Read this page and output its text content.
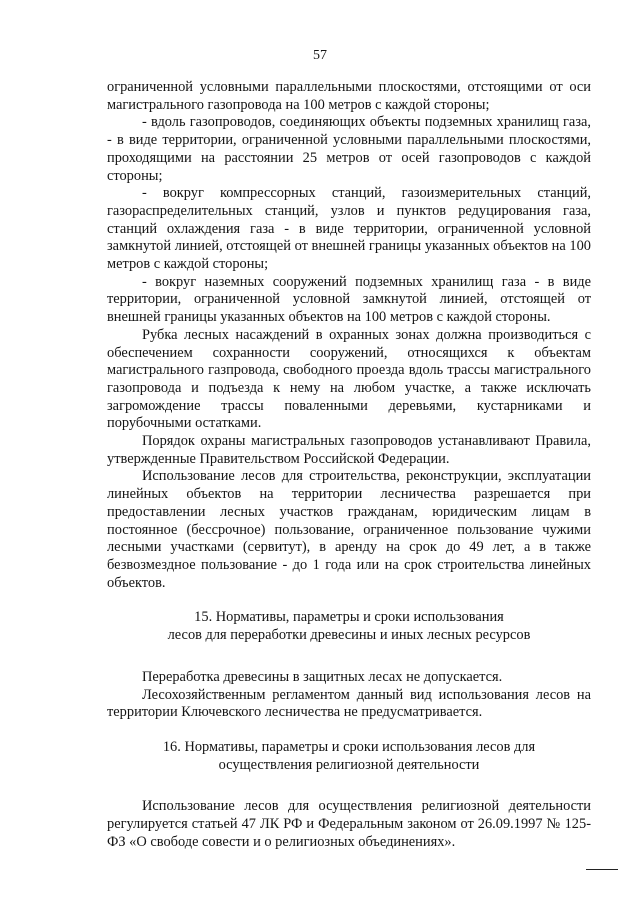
57

ограниченной условными параллельными плоскостями, отстоящими от оси магистрального газопровода на 100 метров с каждой стороны;

- вдоль газопроводов, соединяющих объекты подземных хранилищ газа, - в виде территории, ограниченной условными параллельными плоскостями, проходящими на расстоянии 25 метров от осей газопроводов с каждой стороны;

- вокруг компрессорных станций, газоизмерительных станций, газораспределительных станций, узлов и пунктов редуцирования газа, станций охлаждения газа - в виде территории, ограниченной условной замкнутой линией, отстоящей от внешней границы указанных объектов на 100 метров с каждой стороны;

- вокруг наземных сооружений подземных хранилищ газа - в виде территории, ограниченной условной замкнутой линией, отстоящей от внешней границы указанных объектов на 100 метров с каждой стороны.

Рубка лесных насаждений в охранных зонах должна производиться с обеспечением сохранности сооружений, относящихся к объектам магистрального газпровода, свободного проезда вдоль трассы магистрального газопровода и подъезда к нему на любом участке, а также исключать загромождение трассы поваленными деревьями, кустарниками и порубочными остатками.

Порядок охраны магистральных газопроводов устанавливают Правила, утвержденные Правительством Российской Федерации.

Использование лесов для строительства, реконструкции, эксплуатации линейных объектов на территории лесничества разрешается при предоставлении лесных участков гражданам, юридическим лицам в постоянное (бессрочное) пользование, ограниченное пользование чужими лесными участками (сервитут), в аренду на срок до 49 лет, а в также безвозмездное пользование - до 1 года или на срок строительства линейных объектов.

15. Нормативы, параметры и сроки использования

лесов для переработки древесины и иных лесных ресурсов

Переработка древесины в защитных лесах не допускается.

Лесохозяйственным регламентом данный вид использования лесов на территории Ключевского лесничества не предусматривается.

16. Нормативы, параметры и сроки использования лесов для

осуществления религиозной деятельности

Использование лесов для осуществления религиозной деятельности регулируется статьей 47 ЛК РФ и Федеральным законом от 26.09.1997 № 125-ФЗ «О свободе совести и о религиозных объединениях».
